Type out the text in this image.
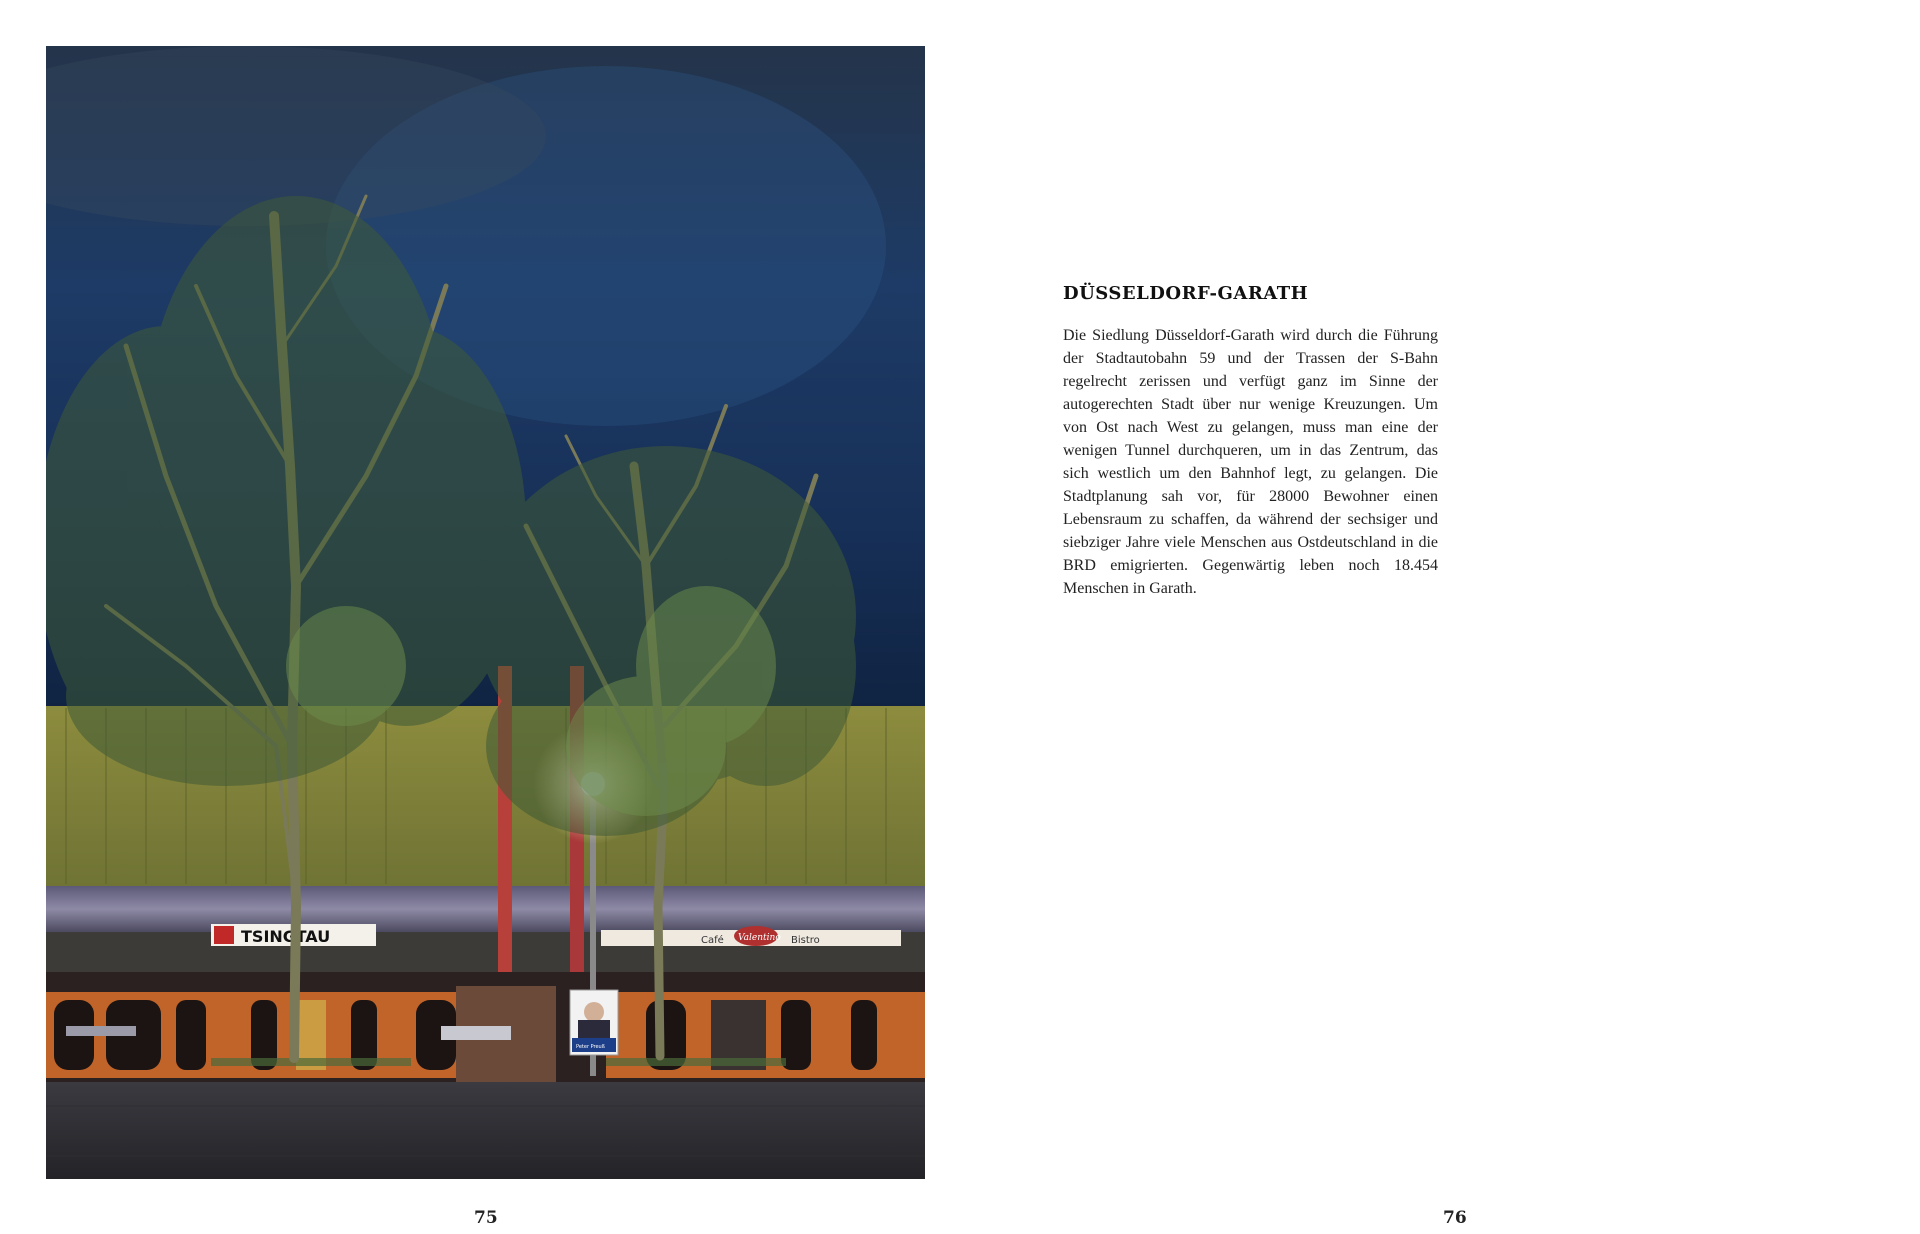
TSINGTAU	Café Valentino Bistro
Peter Preuß
DÜSSELDORF-GARATH

Die Siedlung Düsseldorf-Garath wird durch die Führung der Stadtautobahn 59 und der Trassen der S-Bahn regelrecht zerissen und verfügt ganz im Sinne der autogerechten Stadt über nur wenige Kreuzungen. Um von Ost nach West zu gelangen, muss man eine der wenigen Tunnel durchqueren, um in das Zentrum, das sich westlich um den Bahnhof legt, zu gelangen. Die Stadtplanung sah vor, für 28000 Bewohner einen Lebensraum zu schaffen, da während der sechsiger und siebziger Jahre viele Menschen aus Ostdeutschland in die BRD emigrierten. Gegenwärtig leben noch 18.454 Menschen in Garath.

75	76
